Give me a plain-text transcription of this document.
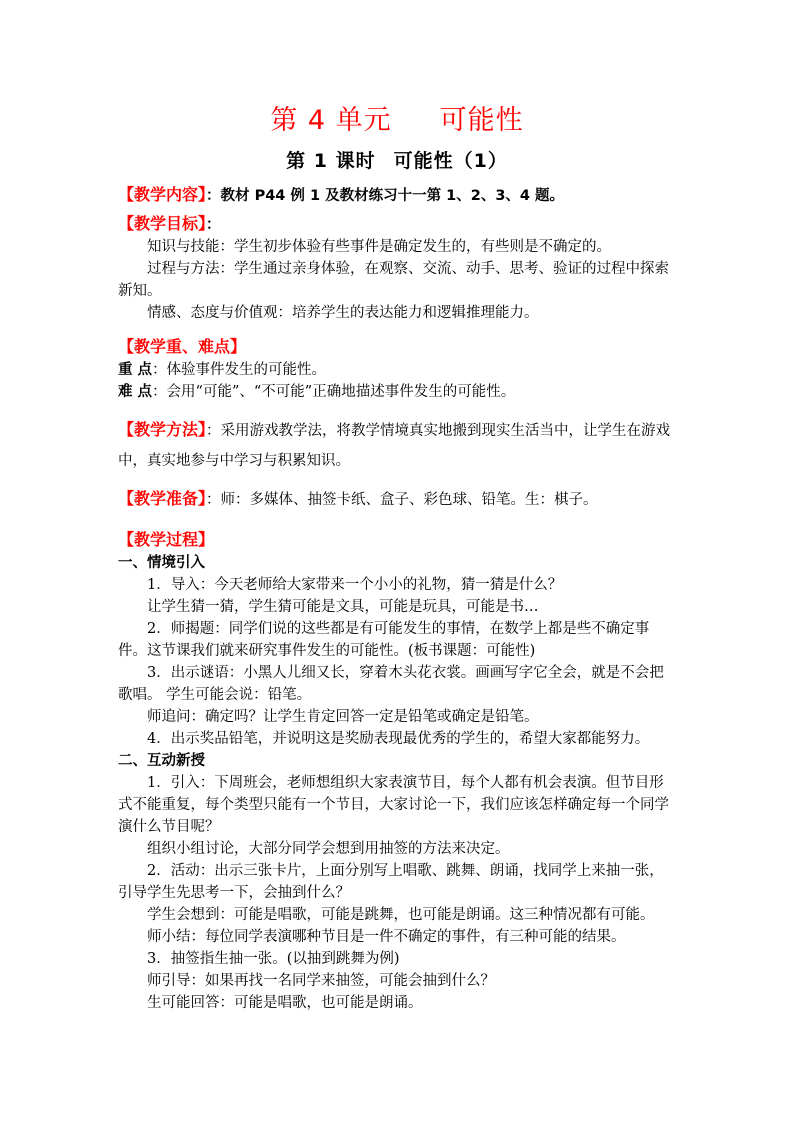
第 4 单元 可能性
第 1 课时 可能性（1）

【教学内容】：教材 P44 例 1 及教材练习十一第 1、2、3、4 题。

【教学目标】：

知识与技能：学生初步体验有些事件是确定发生的，有些则是不确定的。

过程与方法：学生通过亲身体验，在观察、交流、动手、思考、验证的过程中探索新知。

情感、态度与价值观：培养学生的表达能力和逻辑推理能力。

【教学重、难点】

重 点：体验事件发生的可能性。

难 点：会用“可能”、“不可能”正确地描述事件发生的可能性。

【教学方法】：采用游戏教学法，将教学情境真实地搬到现实生活当中，让学生在游戏中，真实地参与中学习与积累知识。

【教学准备】：师：多媒体、抽签卡纸、盒子、彩色球、铅笔。生：棋子。

【教学过程】

一、情境引入

1．导入：今天老师给大家带来一个小小的礼物，猜一猜是什么？

让学生猜一猜，学生猜可能是文具，可能是玩具，可能是书…

2．师揭题：同学们说的这些都是有可能发生的事情，在数学上都是些不确定事件。这节课我们就来研究事件发生的可能性。(板书课题：可能性)

3．出示谜语：小黑人儿细又长，穿着木头花衣裳。画画写字它全会，就是不会把歌唱。 学生可能会说：铅笔。

师追问：确定吗？让学生肯定回答一定是铅笔或确定是铅笔。

4．出示奖品铅笔，并说明这是奖励表现最优秀的学生的，希望大家都能努力。

二、互动新授

1．引入：下周班会，老师想组织大家表演节目，每个人都有机会表演。但节目形式不能重复，每个类型只能有一个节目，大家讨论一下，我们应该怎样确定每一个同学演什么节目呢？

组织小组讨论，大部分同学会想到用抽签的方法来决定。

2．活动：出示三张卡片，上面分别写上唱歌、跳舞、朗诵，找同学上来抽一张，引导学生先思考一下，会抽到什么？

学生会想到：可能是唱歌，可能是跳舞，也可能是朗诵。这三种情况都有可能。

师小结：每位同学表演哪种节目是一件不确定的事件，有三种可能的结果。

3．抽签指生抽一张。(以抽到跳舞为例)

师引导：如果再找一名同学来抽签，可能会抽到什么？

生可能回答：可能是唱歌，也可能是朗诵。
